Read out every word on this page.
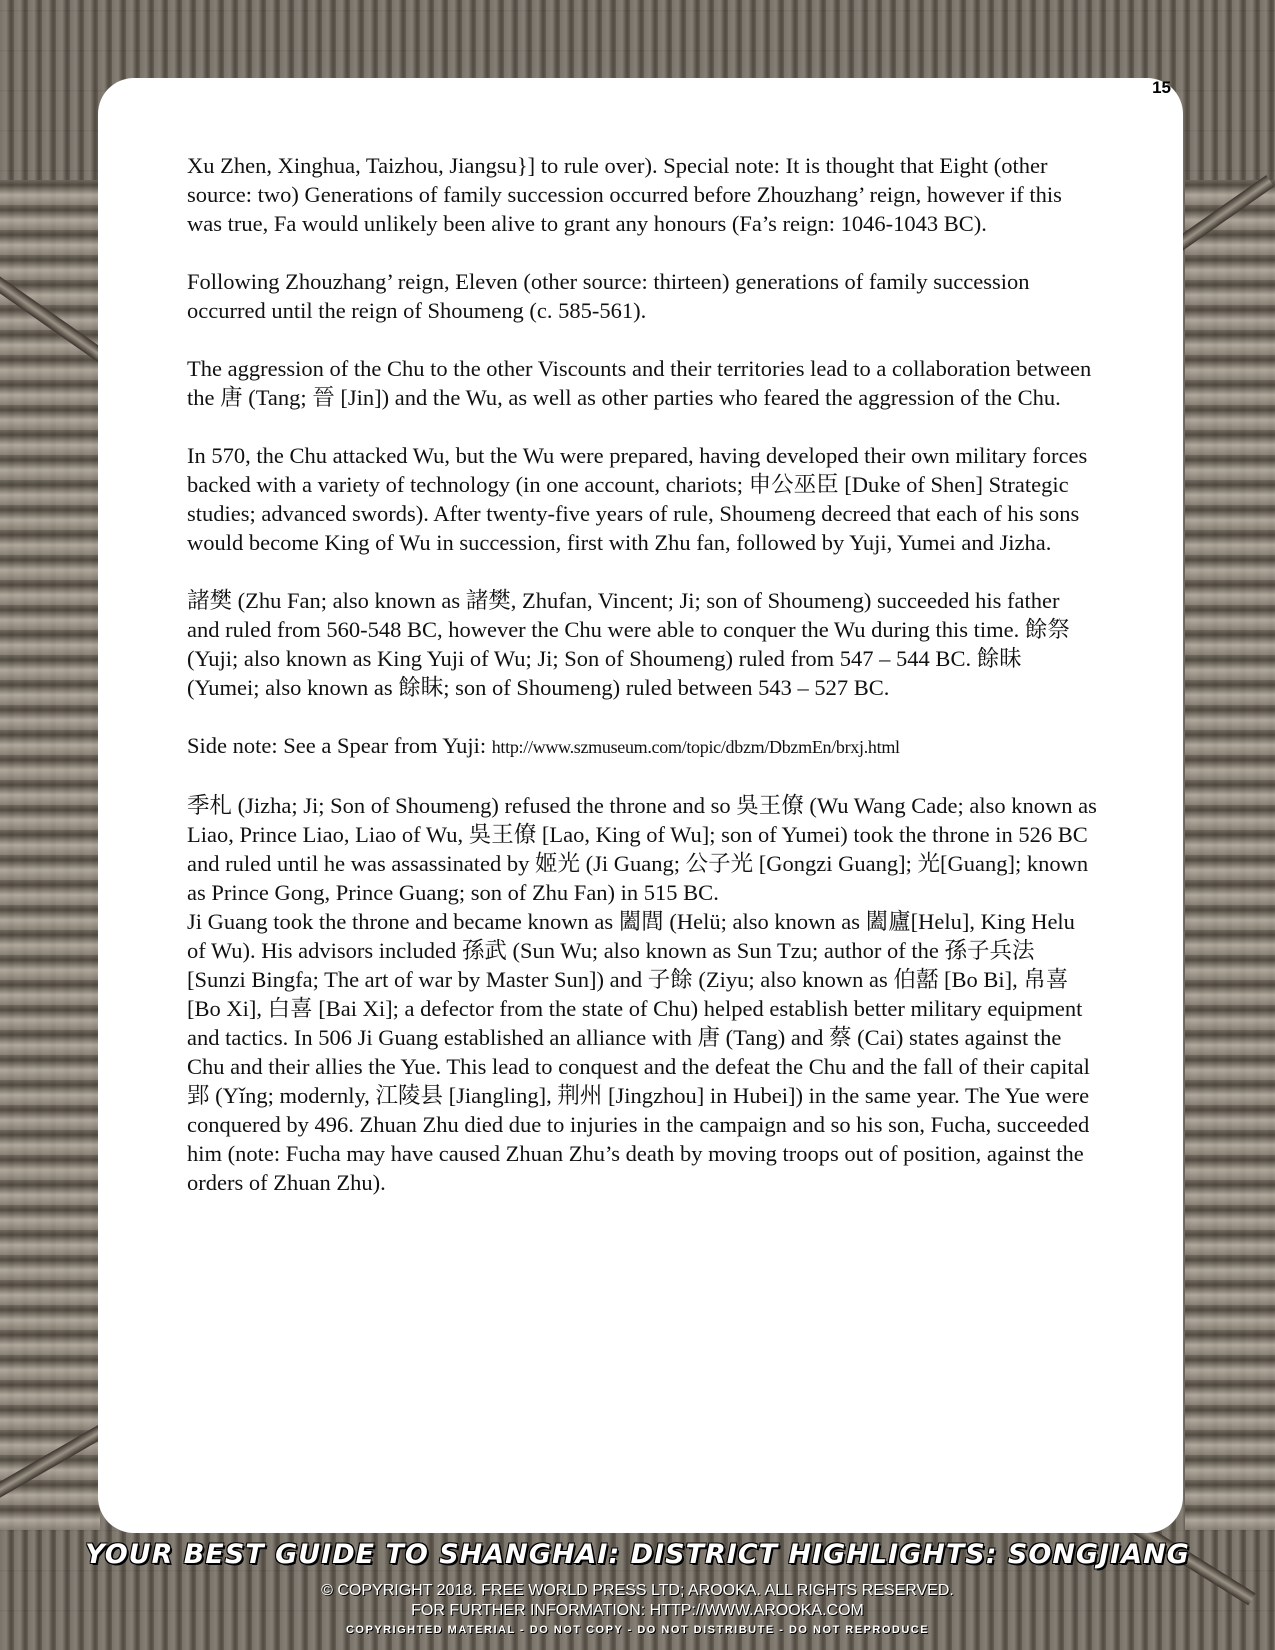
15

Xu Zhen, Xinghua, Taizhou, Jiangsu}] to rule over). Special note: It is thought that Eight (other source: two) Generations of family succession occurred before Zhouzhang’ reign, however if this was true, Fa would unlikely been alive to grant any honours (Fa’s reign: 1046-1043 BC).

Following Zhouzhang’ reign, Eleven (other source: thirteen) generations of family succession occurred until the reign of Shoumeng (c. 585-561).

The aggression of the Chu to the other Viscounts and their territories lead to a collaboration between the 唐 (Tang; 晉 [Jin]) and the Wu, as well as other parties who feared the aggression of the Chu.

In 570, the Chu attacked Wu, but the Wu were prepared, having developed their own military forces backed with a variety of technology (in one account, chariots; 申公巫臣 [Duke of Shen] Strategic studies; advanced swords). After twenty-five years of rule, Shoumeng decreed that each of his sons would become King of Wu in succession, first with Zhu fan, followed by Yuji, Yumei and Jizha.

諸樊 (Zhu Fan; also known as 諸樊, Zhufan, Vincent; Ji; son of Shoumeng) succeeded his father and ruled from 560-548 BC, however the Chu were able to conquer the Wu during this time. 餘祭 (Yuji; also known as King Yuji of Wu; Ji; Son of Shoumeng) ruled from 547 – 544 BC. 餘昧 (Yumei; also known as 餘眜; son of Shoumeng) ruled between 543 – 527 BC.

Side note: See a Spear from Yuji: http://www.szmuseum.com/topic/dbzm/DbzmEn/brxj.html

季札 (Jizha; Ji; Son of Shoumeng) refused the throne and so 吳王僚 (Wu Wang Cade; also known as Liao, Prince Liao, Liao of Wu, 吳王僚 [Lao, King of Wu]; son of Yumei) took the throne in 526 BC and ruled until he was assassinated by 姬光 (Ji Guang; 公子光 [Gongzi Guang]; 光[Guang]; known as Prince Gong, Prince Guang; son of Zhu Fan) in 515 BC.

Ji Guang took the throne and became known as 闔閭 (Helü; also known as 闔廬[Helu], King Helu of Wu). His advisors included 孫武 (Sun Wu; also known as Sun Tzu; author of the 孫子兵法 [Sunzi Bingfa; The art of war by Master Sun]) and 子餘 (Ziyu; also known as 伯嚭 [Bo Bi], 帛喜 [Bo Xi], 白喜 [Bai Xi]; a defector from the state of Chu) helped establish better military equipment and tactics. In 506 Ji Guang established an alliance with 唐 (Tang) and 蔡 (Cai) states against the Chu and their allies the Yue. This lead to conquest and the defeat the Chu and the fall of their capital 郢 (Yǐng; modernly, 江陵县 [Jiangling], 荆州 [Jingzhou] in Hubei]) in the same year. The Yue were conquered by 496. Zhuan Zhu died due to injuries in the campaign and so his son, Fucha, succeeded him (note: Fucha may have caused Zhuan Zhu’s death by moving troops out of position, against the orders of Zhuan Zhu).

YOUR BEST GUIDE TO SHANGHAI: DISTRICT HIGHLIGHTS: SONGJIANG
© COPYRIGHT 2018. FREE WORLD PRESS LTD; AROOKA. ALL RIGHTS RESERVED.
FOR FURTHER INFORMATION: HTTP://WWW.AROOKA.COM
COPYRIGHTED MATERIAL - DO NOT COPY - DO NOT DISTRIBUTE - DO NOT REPRODUCE
